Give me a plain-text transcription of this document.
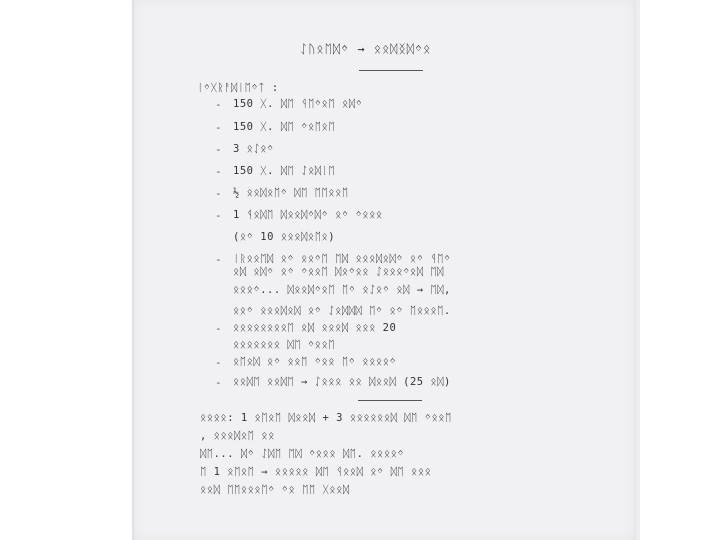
ᛇᚢᛟᛖᛞᛜ → ᛟᛟᛞᛝᛞᛜᛟ
ᛁᛜᚷᚱᚨᛞᛁᛖᛜᛏ :
- 150 ᚷ. ᛞᛖ ᛩᛖᛜᛟᛖ ᛟᛞᛜ
- 150 ᚷ. ᛞᛖ ᛜᛟᛖᛟᛖ
- 3 ᛟᛇᛟᛜ
- 150 ᚷ. ᛞᛖ ᛇᛟᛞᛁᛖ
- ½ ᛟᛟᛞᛟᛖᛜ ᛞᛖ ᛖᛖᛟᛟᛖ
- 1 ᛩᛟᛞᛖ ᛞᛟᛟᛞᛜᛞᛜ ᛟᛜ ᛜᛟᛟᛟ
(ᛟᛜ 10 ᛟᛟᛟᛞᛟᛖᛟ)
- ᛁᚱᛟᛟᛖᛞ ᛟᛜ ᛟᛟᛜᛖ ᛖᛞ ᛟᛟᛟᛞᛟᛞᛜ ᛟᛜ ᛩᛖᛜ
ᛟᛞ ᛟᛞᛜ ᛟᛜ ᛜᛟᛟᛖ ᛞᛟᛜᛟᛟ ᛇᛟᛟᛟᛜᛟᛞ ᛖᛞ
ᛟᛟᛟᛜ... ᛞᛟᛟᛞᛜᛟᛖ ᛖᛜ ᛟᛇᛟᛜ ᛟᛞ → ᛖᛞ,
ᛟᛟᛜ ᛟᛟᛟᛞᛟᛞ ᛟᛜ ᛇᛟᛞᛞᛞ ᛖᛜ ᛟᛜ ᛖᛟᛟᛟᛖ.
- ᛟᛟᛟᛟᛟᛟᛟᛟᛖ ᛟᛞ ᛟᛟᛟᛞ ᛟᛟᛟ 20
ᛟᛟᛟᛟᛟᛟᛟ ᛞᛖ ᛜᛟᛟᛖ
- ᛟᛖᛟᛞ ᛟᛜ ᛟᛟᛖ ᛜᛟᛟ ᛖᛜ ᛟᛟᛟᛟᛜ
- ᛟᛟᛞᛖ ᛟᛟᛞᛖ → ᛇᛟᛟᛟ ᛟᛟ ᛞᛟᛟᛞ (25 ᛟᛞ)
ᛟᛟᛟᛟ: 1 ᛟᛖᛟᛖ ᛞᛟᛟᛞ + 3 ᛟᛟᛟᛟᛟᛟᛞ ᛞᛖ ᛜᛟᛟᛖ
, ᛟᛟᛟᛞᛟᛖ ᛟᛟ
ᛞᛖ... ᛞᛜ ᛇᛞᛖ ᛖᛞ ᛜᛟᛟᛟ ᛞᛖ. ᛟᛟᛟᛟᛜ
ᛖ 1 ᛟᛖᛟᛖ → ᛟᛟᛟᛟᛟ ᛞᛖ ᛩᛟᛟᛞ ᛟᛜ ᛞᛖ ᛟᛟᛟ
ᛟᛟᛞ ᛖᛖᛟᛟᛟᛖᛜ ᛜᛟ ᛖᛖ ᚷᛟᛟᛞ
